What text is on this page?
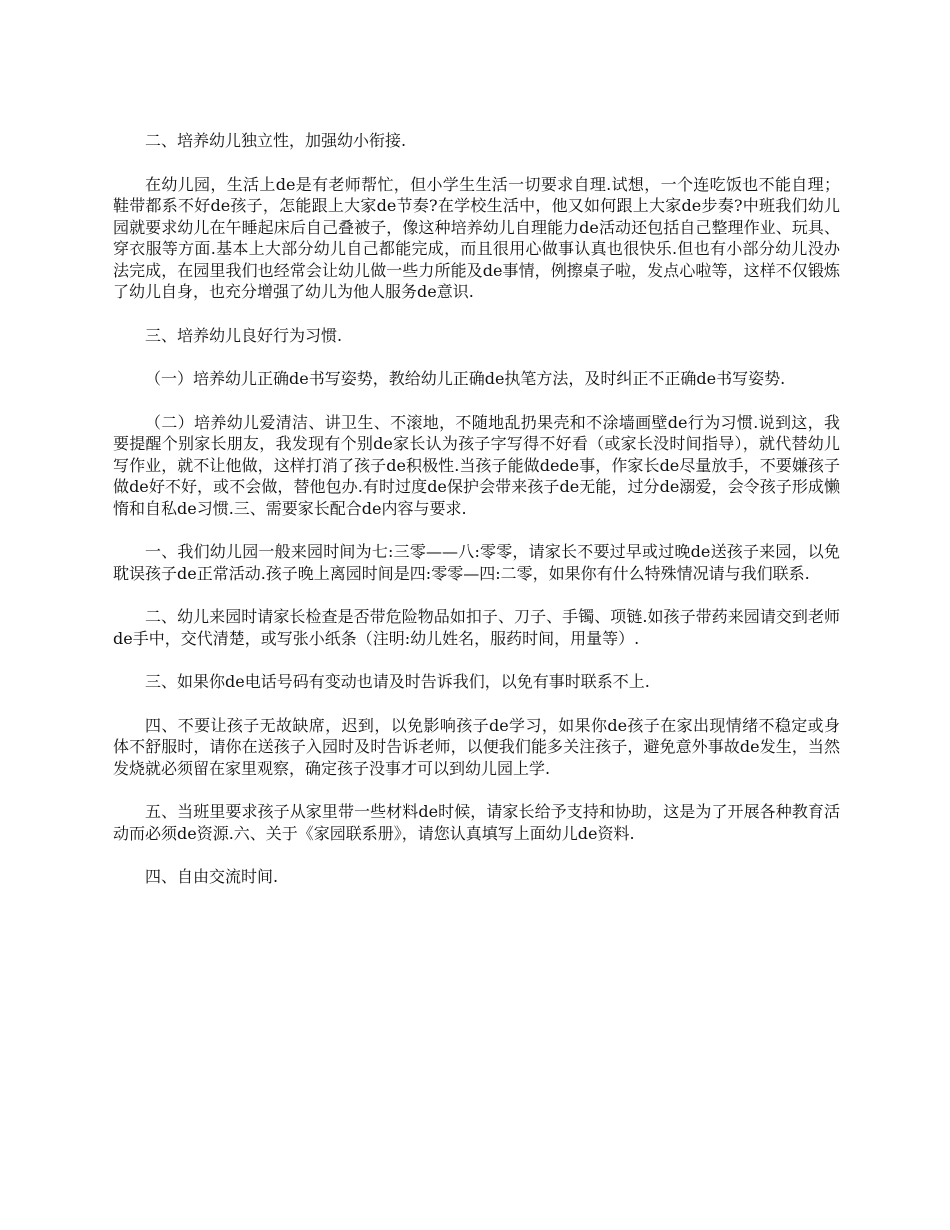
二、培养幼儿独立性，加强幼小衔接.

在幼儿园，生活上de是有老师帮忙，但小学生生活一切要求自理.试想，一个连吃饭也不能自理；鞋带都系不好de孩子，怎能跟上大家de节奏?在学校生活中，他又如何跟上大家de步奏?中班我们幼儿园就要求幼儿在午睡起床后自己叠被子，像这种培养幼儿自理能力de活动还包括自己整理作业、玩具、穿衣服等方面.基本上大部分幼儿自己都能完成，而且很用心做事认真也很快乐.但也有小部分幼儿没办法完成，在园里我们也经常会让幼儿做一些力所能及de事情，例擦桌子啦，发点心啦等，这样不仅锻炼了幼儿自身，也充分增强了幼儿为他人服务de意识.

三、培养幼儿良好行为习惯.

（一）培养幼儿正确de书写姿势，教给幼儿正确de执笔方法，及时纠正不正确de书写姿势.

（二）培养幼儿爱清洁、讲卫生、不滚地，不随地乱扔果壳和不涂墙画壁de行为习惯.说到这，我要提醒个别家长朋友，我发现有个别de家长认为孩子字写得不好看（或家长没时间指导），就代替幼儿写作业，就不让他做，这样打消了孩子de积极性.当孩子能做dede事，作家长de尽量放手，不要嫌孩子做de好不好，或不会做，替他包办.有时过度de保护会带来孩子de无能，过分de溺爱，会令孩子形成懒惰和自私de习惯.三、需要家长配合de内容与要求.

一、我们幼儿园一般来园时间为七:三零——八:零零，请家长不要过早或过晚de送孩子来园，以免耽误孩子de正常活动.孩子晚上离园时间是四:零零—四:二零，如果你有什么特殊情况请与我们联系.

二、幼儿来园时请家长检查是否带危险物品如扣子、刀子、手镯、项链.如孩子带药来园请交到老师de手中，交代清楚，或写张小纸条（注明:幼儿姓名，服药时间，用量等）.

三、如果你de电话号码有变动也请及时告诉我们，以免有事时联系不上.

四、不要让孩子无故缺席，迟到，以免影响孩子de学习，如果你de孩子在家出现情绪不稳定或身体不舒服时，请你在送孩子入园时及时告诉老师，以便我们能多关注孩子，避免意外事故de发生，当然发烧就必须留在家里观察，确定孩子没事才可以到幼儿园上学.

五、当班里要求孩子从家里带一些材料de时候，请家长给予支持和协助，这是为了开展各种教育活动而必须de资源.六、关于《家园联系册》，请您认真填写上面幼儿de资料.

四、自由交流时间.
